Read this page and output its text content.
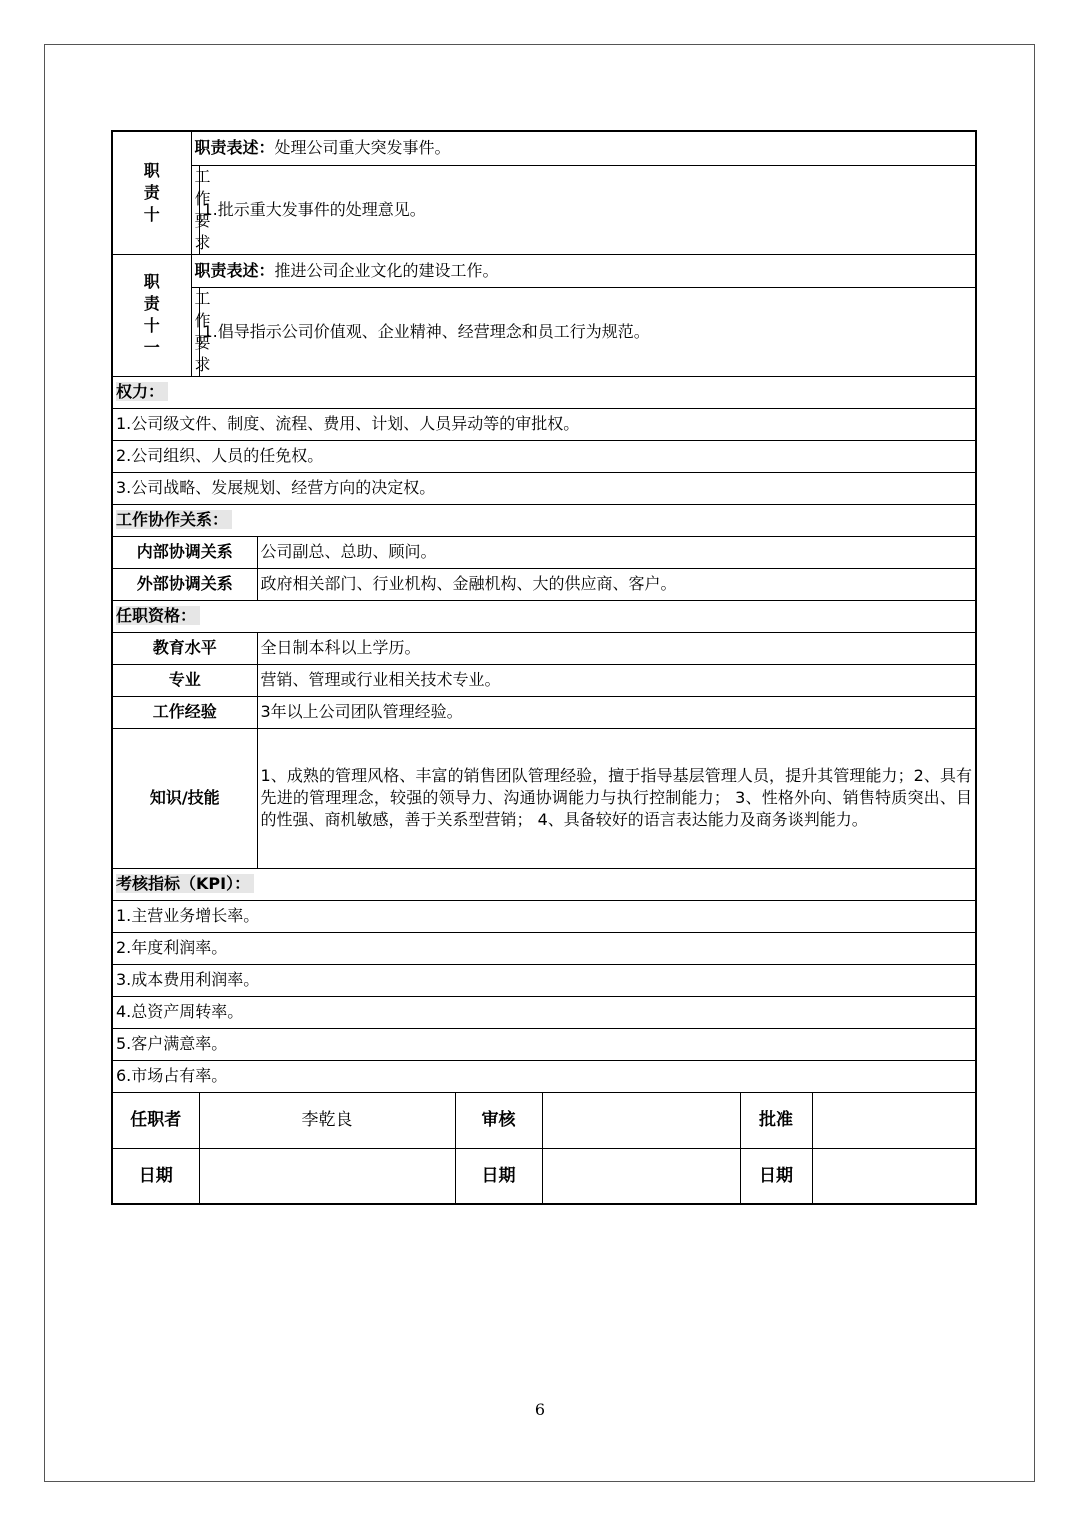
职
责
十	职责表述：处理公司重大突发事件。						

	工作
要求	1.批示重大发事件的处理意见。					

职
责
十
一	职责表述：推进公司企业文化的建设工作。						

	工作
要求	1.倡导指示公司价值观、企业精神、经营理念和员工行为规范。					
权力：							
1.公司级文件、制度、流程、费用、计划、人员异动等的审批权。							
2.公司组织、人员的任免权。							
3.公司战略、发展规划、经营方向的决定权。							
工作协作关系：							
内部协调关系			公司副总、总助、顾问。				
外部协调关系			政府相关部门、行业机构、金融机构、大的供应商、客户。				
任职资格：							
教育水平			全日制本科以上学历。				
专业			营销、管理或行业相关技术专业。				
工作经验			3年以上公司团队管理经验。				
知识/技能			1、成熟的管理风格、丰富的销售团队管理经验，擅于指导基层管理人员，提升其管理能力；2、具有先进的管理理念，较强的领导力、沟通协调能力与执行控制能力； 3、性格外向、销售特质突出、目的性强、商机敏感，善于关系型营销； 4、具备较好的语言表达能力及商务谈判能力。				
考核指标（KPI）：							
1.主营业务增长率。							
2.年度利润率。							
3.成本费用利润率。							
4.总资产周转率。							
5.客户满意率。							
6.市场占有率。							
任职者		李乾良		审核		批准	
日期				日期		日期	
6
